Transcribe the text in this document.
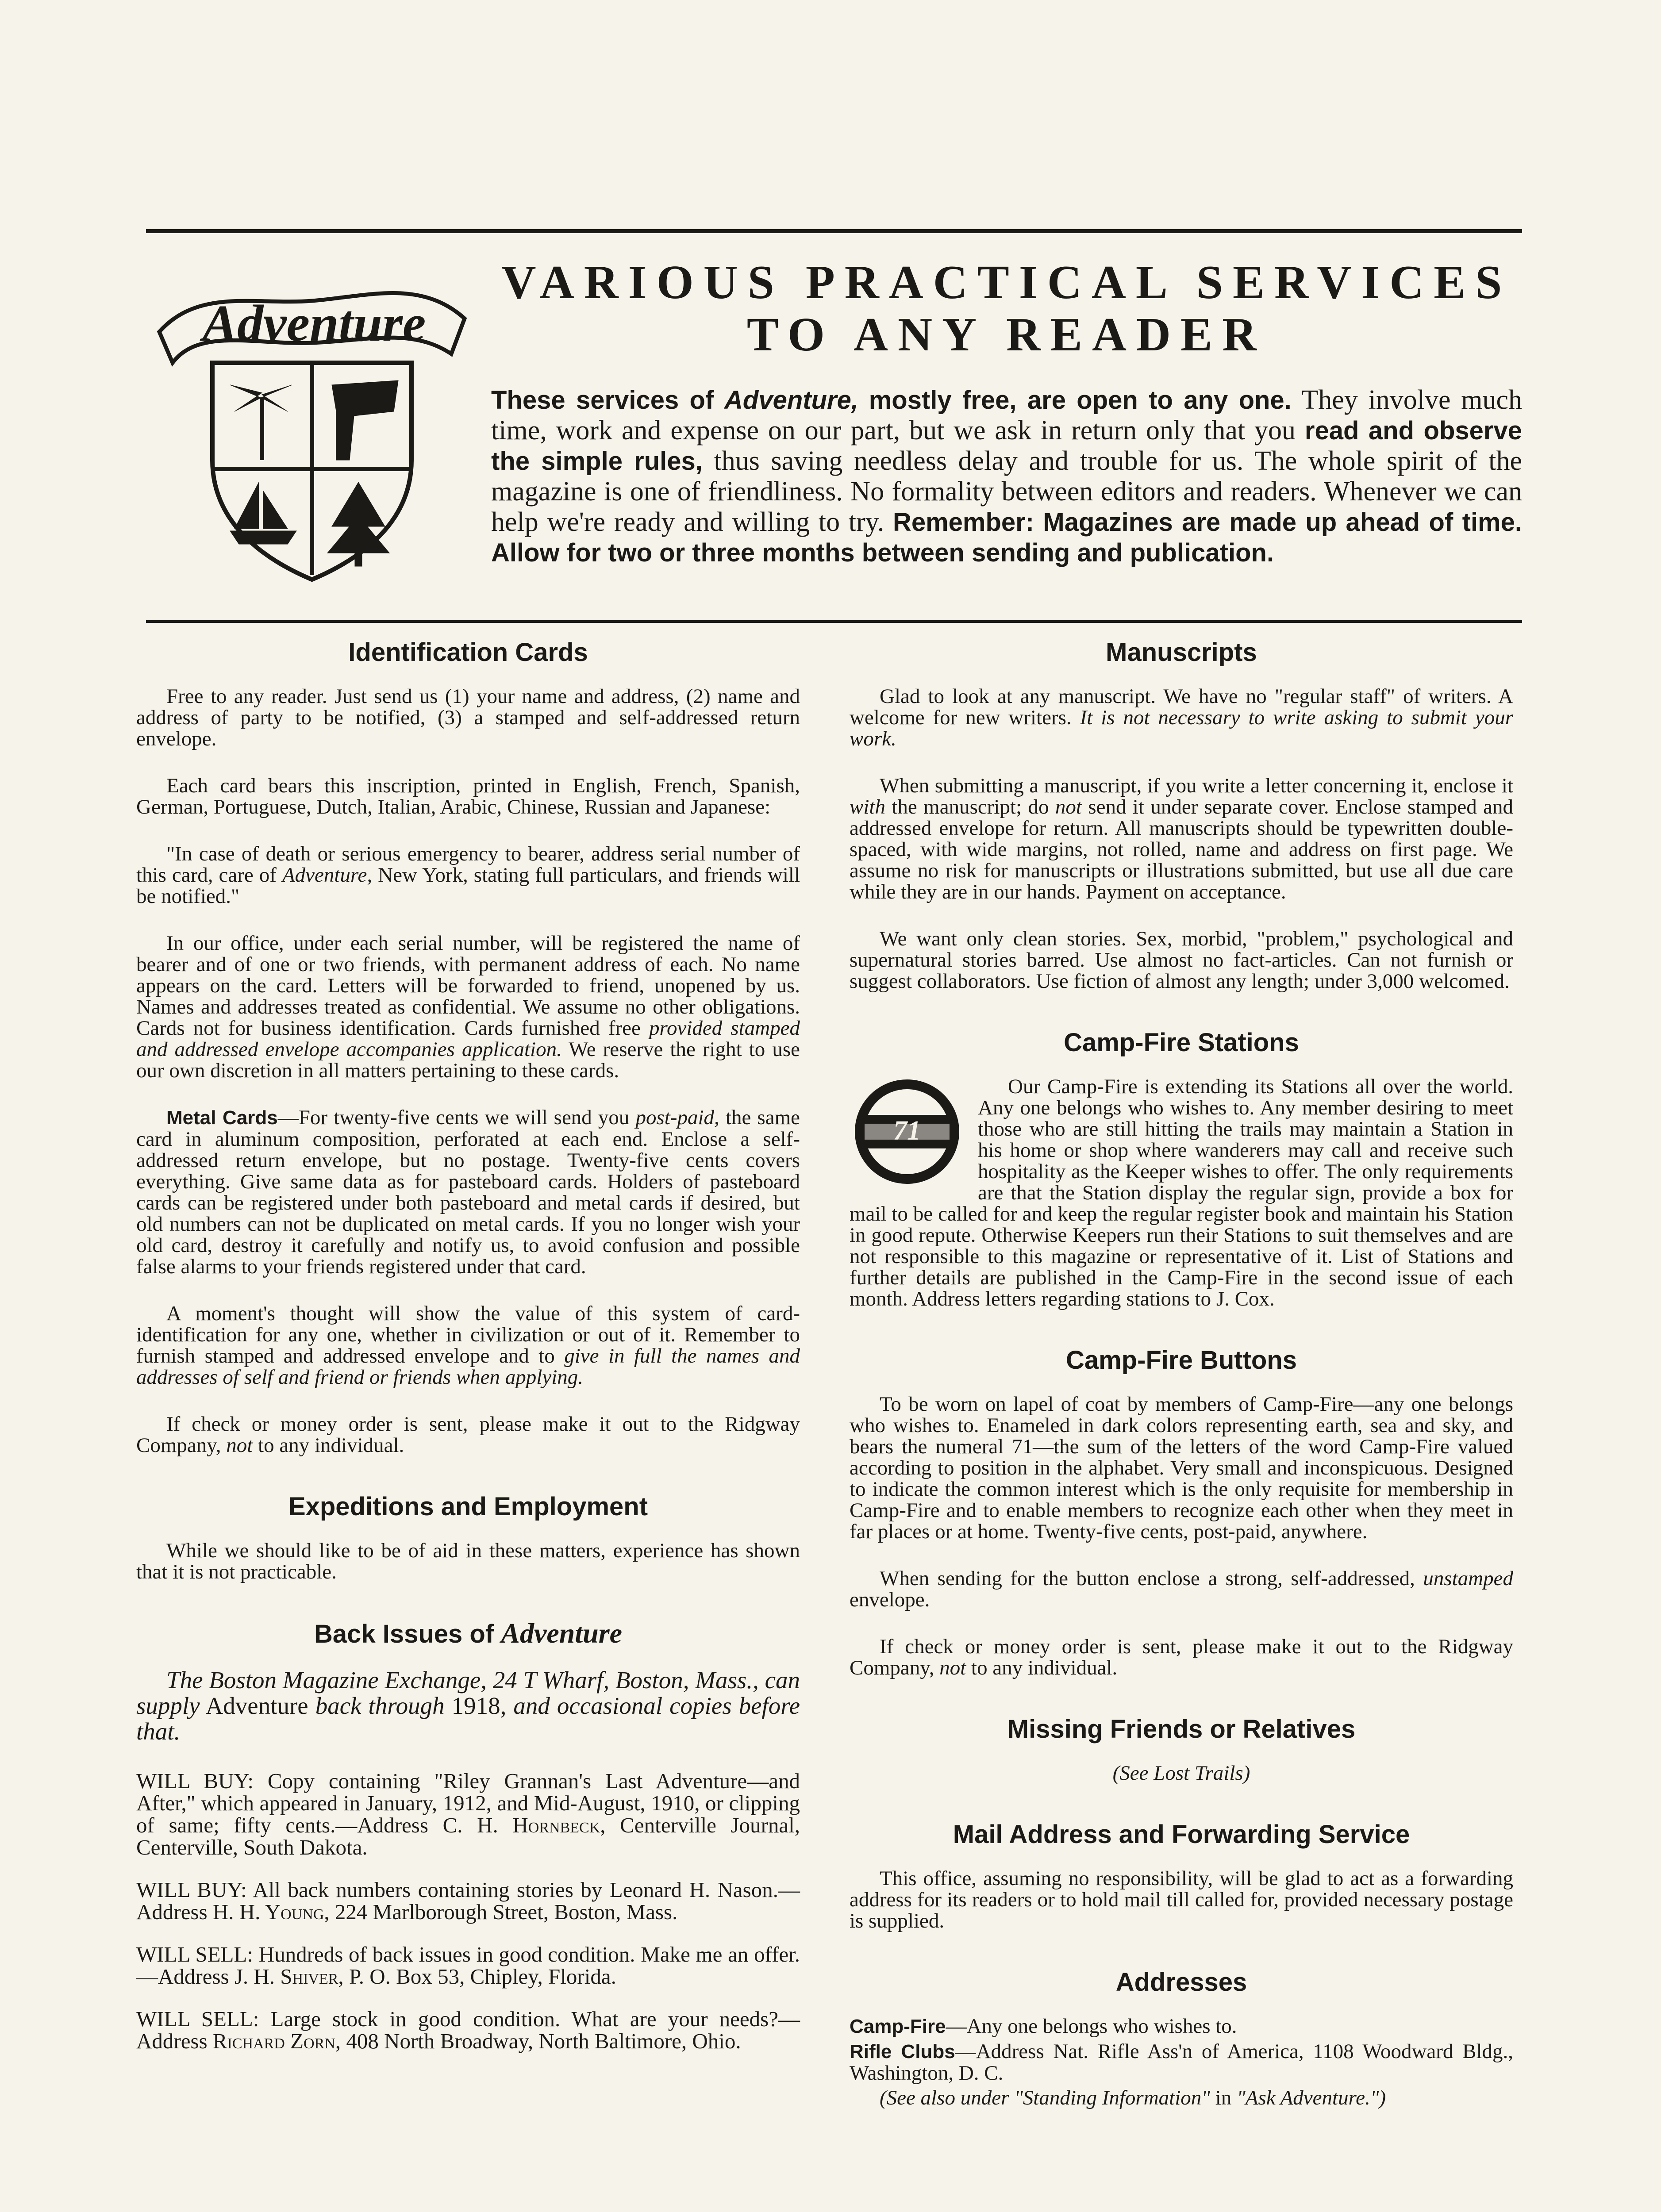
Adventure
VARIOUS PRACTICAL SERVICES
TO ANY READER
These services of Adventure, mostly free, are open to any one. They involve much time, work and expense on our part, but we ask in return only that you read and observe the simple rules, thus saving needless delay and trouble for us. The whole spirit of the magazine is one of friendliness. No formality between editors and readers. Whenever we can help we're ready and willing to try. Remember: Magazines are made up ahead of time. Allow for two or three months between sending and publication.
Identification Cards

Free to any reader. Just send us (1) your name and address, (2) name and address of party to be notified, (3) a stamped and self-addressed return envelope.

Each card bears this inscription, printed in English, French, Spanish, German, Portuguese, Dutch, Italian, Arabic, Chinese, Russian and Japanese:

"In case of death or serious emergency to bearer, address serial number of this card, care of Adventure, New York, stating full particulars, and friends will be notified."

In our office, under each serial number, will be registered the name of bearer and of one or two friends, with permanent address of each. No name appears on the card. Letters will be forwarded to friend, unopened by us. Names and addresses treated as confidential. We assume no other obligations. Cards not for business identification. Cards furnished free provided stamped and addressed envelope accompanies application. We reserve the right to use our own discretion in all matters pertaining to these cards.

Metal Cards—For twenty-five cents we will send you post-paid, the same card in aluminum composition, perforated at each end. Enclose a self-addressed return envelope, but no postage. Twenty-five cents covers everything. Give same data as for pasteboard cards. Holders of pasteboard cards can be registered under both pasteboard and metal cards if desired, but old numbers can not be duplicated on metal cards. If you no longer wish your old card, destroy it carefully and notify us, to avoid confusion and possible false alarms to your friends registered under that card.

A moment's thought will show the value of this system of card-identification for any one, whether in civilization or out of it. Remember to furnish stamped and addressed envelope and to give in full the names and addresses of self and friend or friends when applying.

If check or money order is sent, please make it out to the Ridgway Company, not to any individual.

Expeditions and Employment

While we should like to be of aid in these matters, experience has shown that it is not practicable.

Back Issues of Adventure

The Boston Magazine Exchange, 24 T Wharf, Boston, Mass., can supply Adventure back through 1918, and occasional copies before that.

WILL BUY: Copy containing "Riley Grannan's Last Adventure—and After," which appeared in January, 1912, and Mid-August, 1910, or clipping of same; fifty cents.—Address C. H. Hornbeck, Centerville Journal, Centerville, South Dakota.

WILL BUY: All back numbers containing stories by Leonard H. Nason.—Address H. H. Young, 224 Marlborough Street, Boston, Mass.

WILL SELL: Hundreds of back issues in good condition. Make me an offer.—Address J. H. Shiver, P. O. Box 53, Chipley, Florida.

WILL SELL: Large stock in good condition. What are your needs?—Address Richard Zorn, 408 North Broadway, North Baltimore, Ohio.

Manuscripts

Glad to look at any manuscript. We have no "regular staff" of writers. A welcome for new writers. It is not necessary to write asking to submit your work.

When submitting a manuscript, if you write a letter concerning it, enclose it with the manuscript; do not send it under separate cover. Enclose stamped and addressed envelope for return. All manuscripts should be typewritten double-spaced, with wide margins, not rolled, name and address on first page. We assume no risk for manuscripts or illustrations submitted, but use all due care while they are in our hands. Payment on acceptance.

We want only clean stories. Sex, morbid, "problem," psychological and supernatural stories barred. Use almost no fact-articles. Can not furnish or suggest collaborators. Use fiction of almost any length; under 3,000 welcomed.

Camp-Fire Stations
71

Our Camp-Fire is extending its Stations all over the world. Any one belongs who wishes to. Any member desiring to meet those who are still hitting the trails may maintain a Station in his home or shop where wanderers may call and receive such hospitality as the Keeper wishes to offer. The only requirements are that the Station display the regular sign, provide a box for mail to be called for and keep the regular register book and maintain his Station in good repute. Otherwise Keepers run their Stations to suit themselves and are not responsible to this magazine or representative of it. List of Stations and further details are published in the Camp-Fire in the second issue of each month. Address letters regarding stations to J. Cox.

Camp-Fire Buttons

To be worn on lapel of coat by members of Camp-Fire—any one belongs who wishes to. Enameled in dark colors representing earth, sea and sky, and bears the numeral 71—the sum of the letters of the word Camp-Fire valued according to position in the alphabet. Very small and inconspicuous. Designed to indicate the common interest which is the only requisite for membership in Camp-Fire and to enable members to recognize each other when they meet in far places or at home. Twenty-five cents, post-paid, anywhere.

When sending for the button enclose a strong, self-addressed, unstamped envelope.

If check or money order is sent, please make it out to the Ridgway Company, not to any individual.

Missing Friends or Relatives

(See Lost Trails)

Mail Address and Forwarding Service

This office, assuming no responsibility, will be glad to act as a forwarding address for its readers or to hold mail till called for, provided necessary postage is supplied.

Addresses

Camp-Fire—Any one belongs who wishes to.

Rifle Clubs—Address Nat. Rifle Ass'n of America, 1108 Woodward Bldg., Washington, D. C.

(See also under "Standing Information" in "Ask Adventure.")
